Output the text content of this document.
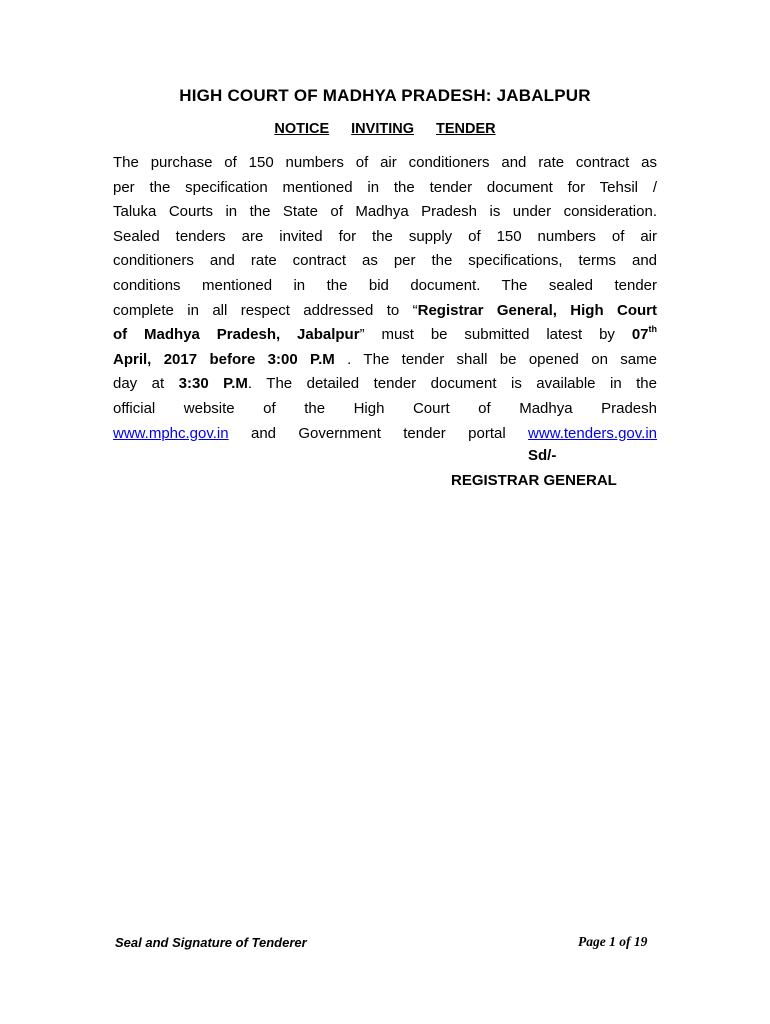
HIGH COURT OF MADHYA PRADESH: JABALPUR
NOTICE INVITING TENDER
The purchase of 150 numbers of air conditioners and rate contract as
per the specification mentioned in the tender document for Tehsil /
Taluka Courts in the State of Madhya Pradesh is under consideration.
Sealed tenders are invited for the supply of 150 numbers of air
conditioners and rate contract as per the specifications, terms and
conditions mentioned in the bid document. The sealed tender
complete in all respect addressed to “Registrar General, High Court
of Madhya Pradesh, Jabalpur” must be submitted latest by 07th
April, 2017 before 3:00 P.M . The tender shall be opened on same
day at 3:30 P.M. The detailed tender document is available in the
official website of the High Court of Madhya Pradesh
www.mphc.gov.in and Government tender portal www.tenders.gov.in
Sd/-
REGISTRAR GENERAL
Seal and Signature of Tenderer	Page 1 of 19
